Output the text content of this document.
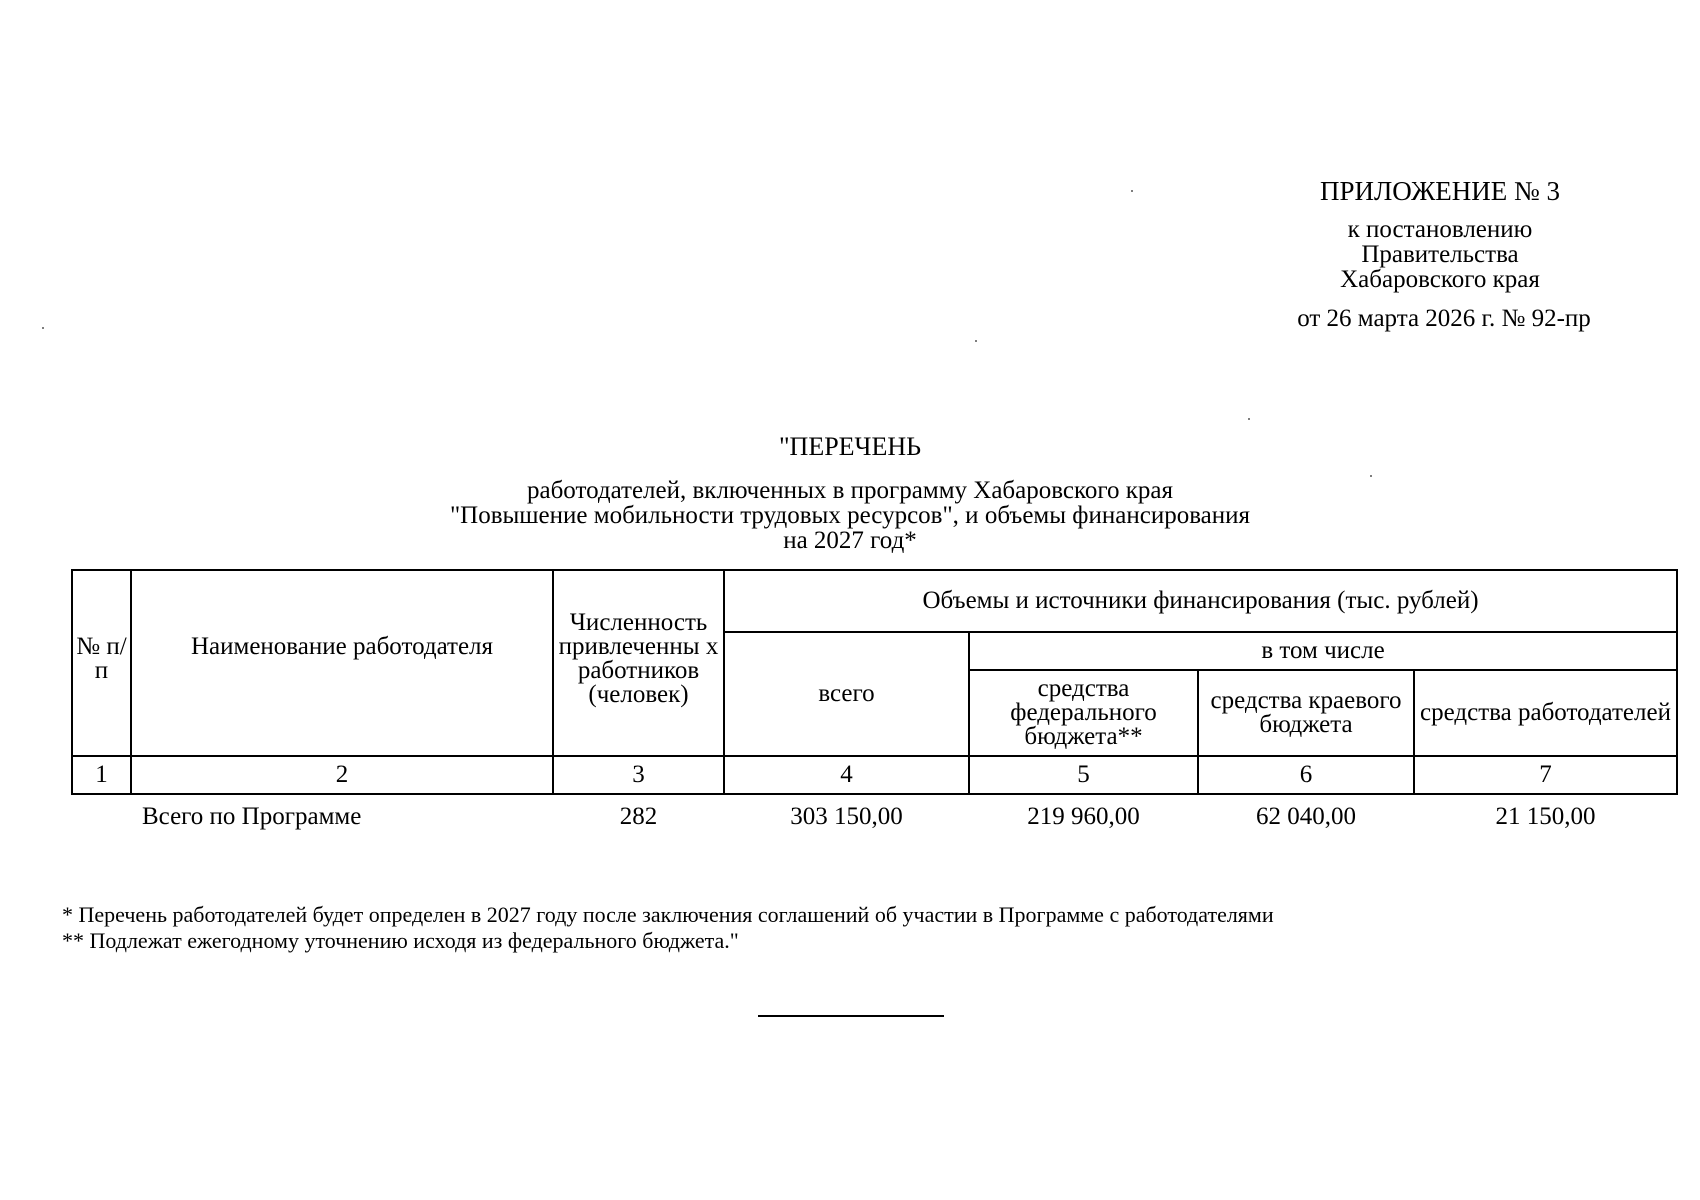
ПРИЛОЖЕНИЕ № 3
к постановлению
Правительства
Хабаровского края
от 26 марта 2026 г. № 92-пр
"ПЕРЕЧЕНЬ
работодателей, включенных в программу Хабаровского края
"Повышение мобильности трудовых ресурсов", и объемы финансирования
на 2027 год*
№ п/п	Наименование работодателя	Численность привлеченны х работников (человек)	Объемы и источники финансирования (тыс. рублей)			
			всего	в том числе		
				средства федерального бюджета**	средства краевого бюджета	средства работодателей
1	2	3	4	5	6	7
Всего по Программе		282	303 150,00	219 960,00	62 040,00	21 150,00
* Перечень работодателей будет определен в 2027 году после заключения соглашений об участии в Программе с работодателями
** Подлежат ежегодному уточнению исходя из федерального бюджета."
